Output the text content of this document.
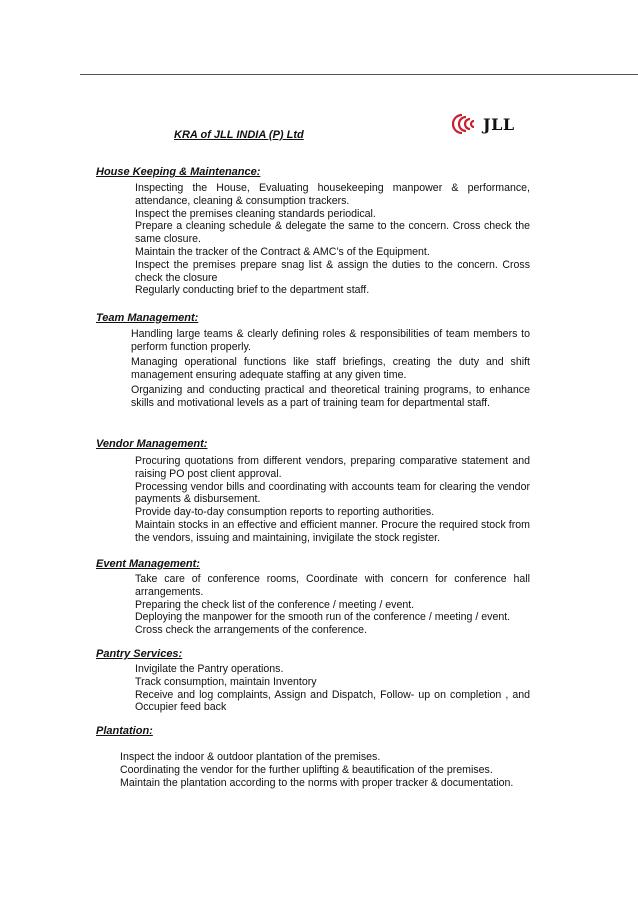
KRA of JLL INDIA (P) Ltd
JLL

House Keeping & Maintenance:

Inspecting the House, Evaluating housekeeping manpower & performance, attendance, cleaning & consumption trackers.
Inspect the premises cleaning standards periodical.
Prepare a cleaning schedule & delegate the same to the concern. Cross check the same closure.
Maintain the tracker of the Contract & AMC’s of the Equipment.
Inspect the premises prepare snag list & assign the duties to the concern. Cross check the closure
Regularly conducting brief to the department staff.

Team Management:

Handling large teams & clearly defining roles & responsibilities of team members to perform function properly.
Managing operational functions like staff briefings, creating the duty and shift management ensuring adequate staffing at any given time.
Organizing and conducting practical and theoretical training programs, to enhance skills and motivational levels as a part of training team for departmental staff.

Vendor Management:

Procuring quotations from different vendors, preparing comparative statement and raising PO post client approval.
Processing vendor bills and coordinating with accounts team for clearing the vendor payments & disbursement.
Provide day-to-day consumption reports to reporting authorities.
Maintain stocks in an effective and efficient manner. Procure the required stock from the vendors, issuing and maintaining, invigilate the stock register.

Event Management:

Take care of conference rooms, Coordinate with concern for conference hall arrangements.
Preparing the check list of the conference / meeting / event.
Deploying the manpower for the smooth run of the conference / meeting / event.
Cross check the arrangements of the conference.

Pantry Services:

Invigilate the Pantry operations.
Track consumption, maintain Inventory
Receive and log complaints, Assign and Dispatch, Follow- up on completion , and Occupier feed back

Plantation:

Inspect the indoor & outdoor plantation of the premises.
Coordinating the vendor for the further uplifting & beautification of the premises.
Maintain the plantation according to the norms with proper tracker & documentation.
